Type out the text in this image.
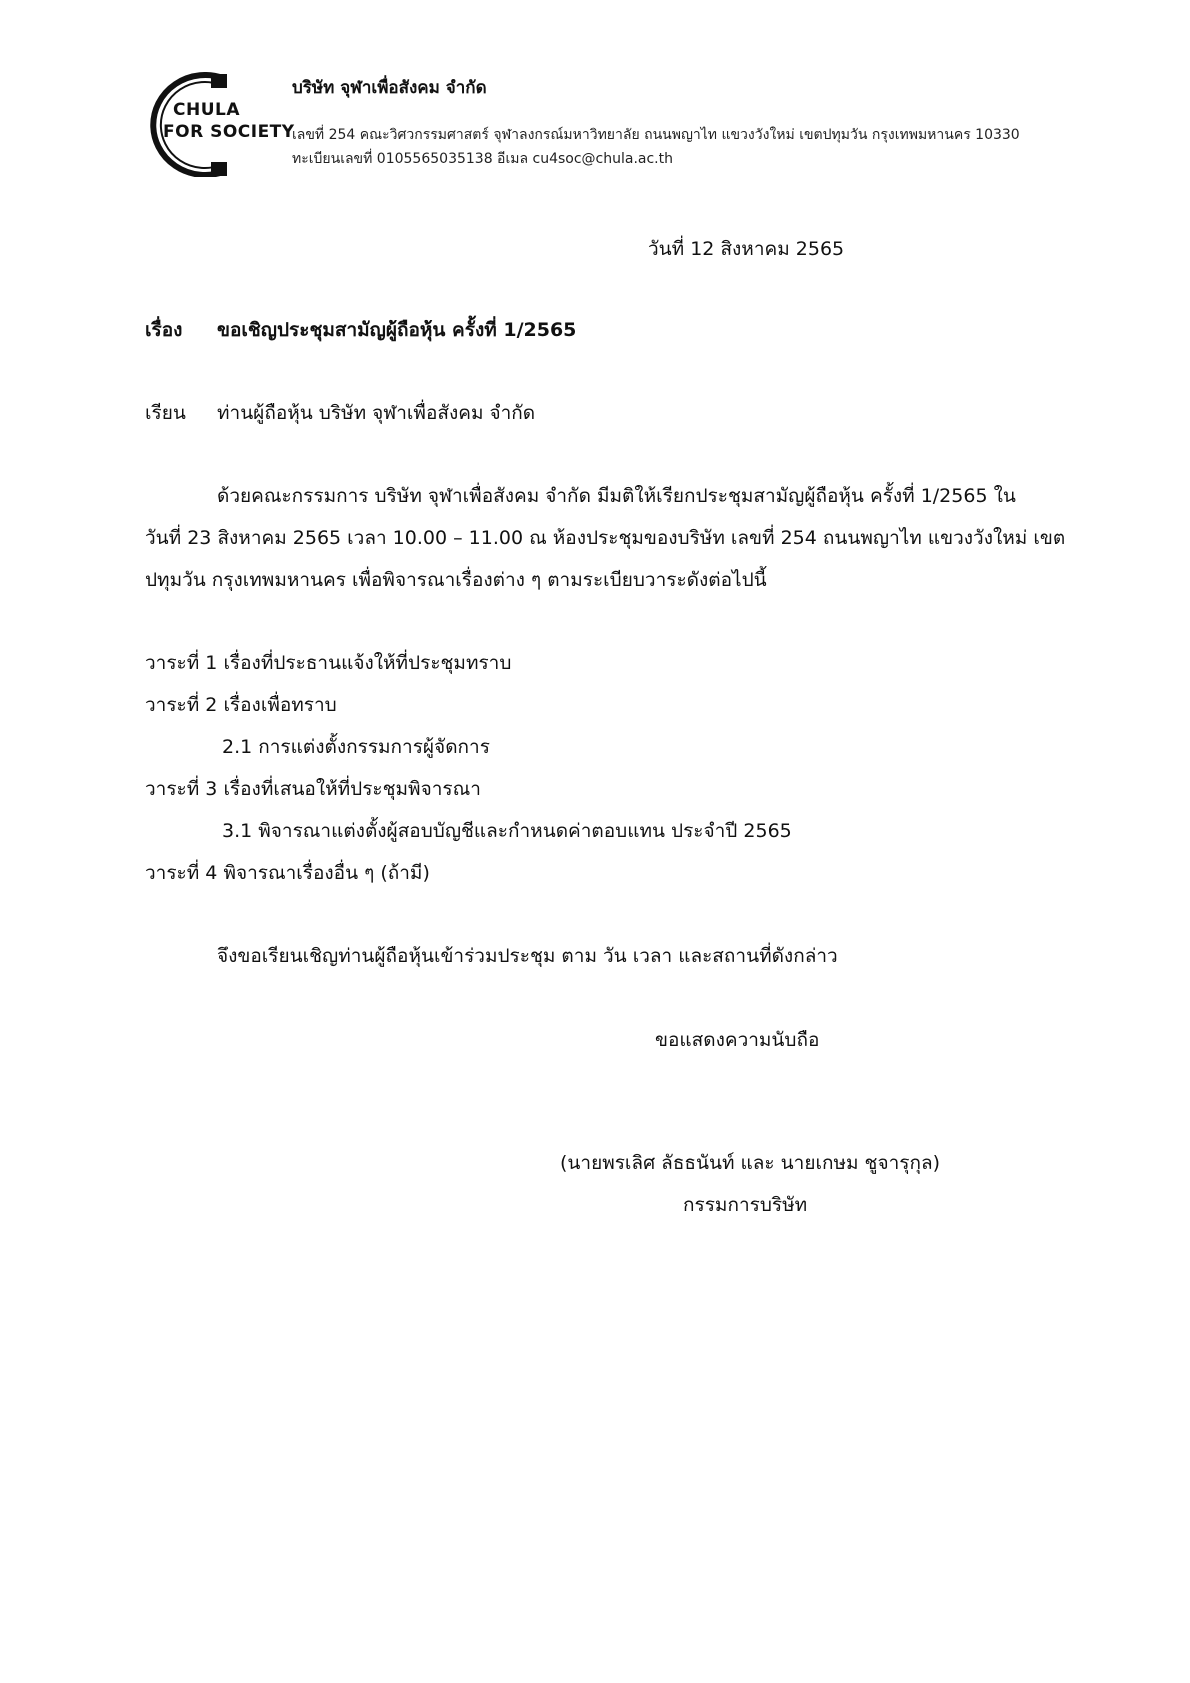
CHULA
FOR SOCIETY
บริษัท จุฬาเพื่อสังคม จำกัด
เลขที่ 254 คณะวิศวกรรมศาสตร์ จุฬาลงกรณ์มหาวิทยาลัย ถนนพญาไท แขวงวังใหม่ เขตปทุมวัน กรุงเทพมหานคร 10330
ทะเบียนเลขที่ 0105565035138 อีเมล cu4soc@chula.ac.th
วันที่ 12 สิงหาคม 2565
เรื่อง ขอเชิญประชุมสามัญผู้ถือหุ้น ครั้งที่ 1/2565
เรียน ท่านผู้ถือหุ้น บริษัท จุฬาเพื่อสังคม จำกัด
ด้วยคณะกรรมการ บริษัท จุฬาเพื่อสังคม จำกัด มีมติให้เรียกประชุมสามัญผู้ถือหุ้น ครั้งที่ 1/2565 ใน
วันที่ 23 สิงหาคม 2565 เวลา 10.00 – 11.00 ณ ห้องประชุมของบริษัท เลขที่ 254 ถนนพญาไท แขวงวังใหม่ เขต
ปทุมวัน กรุงเทพมหานคร เพื่อพิจารณาเรื่องต่าง ๆ ตามระเบียบวาระดังต่อไปนี้
วาระที่ 1 เรื่องที่ประธานแจ้งให้ที่ประชุมทราบ
วาระที่ 2 เรื่องเพื่อทราบ
2.1 การแต่งตั้งกรรมการผู้จัดการ
วาระที่ 3 เรื่องที่เสนอให้ที่ประชุมพิจารณา
3.1 พิจารณาแต่งตั้งผู้สอบบัญชีและกำหนดค่าตอบแทน ประจำปี 2565
วาระที่ 4 พิจารณาเรื่องอื่น ๆ (ถ้ามี)
จึงขอเรียนเชิญท่านผู้ถือหุ้นเข้าร่วมประชุม ตาม วัน เวลา และสถานที่ดังกล่าว
ขอแสดงความนับถือ
(นายพรเลิศ ลัธธนันท์ และ นายเกษม ชูจารุกุล)
กรรมการบริษัท
